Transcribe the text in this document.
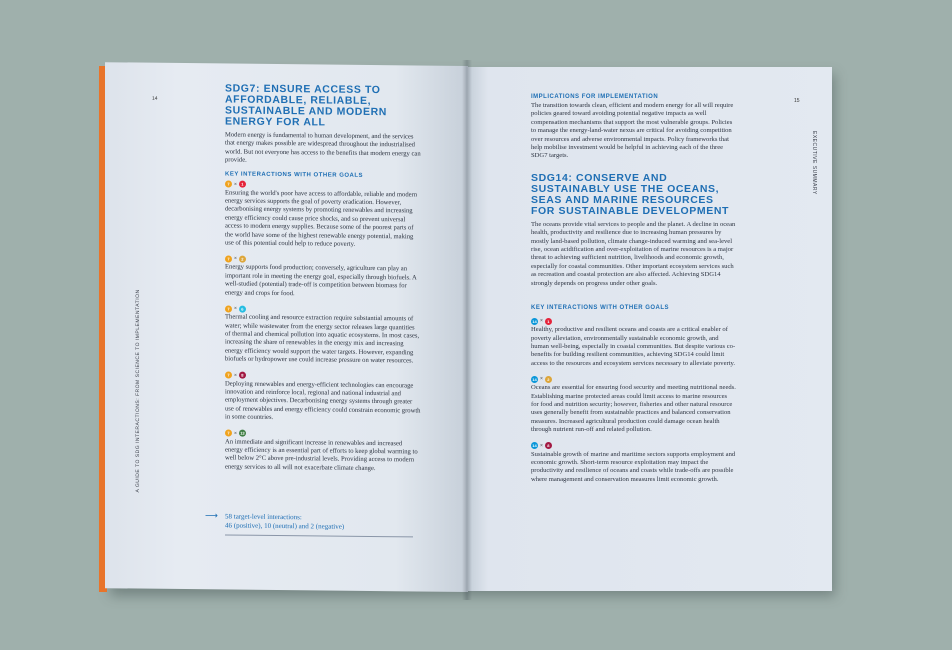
14
A GUIDE TO SDG INTERACTIONS: FROM SCIENCE TO IMPLEMENTATION
SDG7: ENSURE ACCESS TO AFFORDABLE, RELIABLE, SUSTAINABLE AND MODERN ENERGY FOR ALL

Modern energy is fundamental to human development, and the services that energy makes possible are widespread throughout the industrialised world. But not everyone has access to the benefits that modern energy can provide.

KEY INTERACTIONS WITH OTHER GOALS
7 ×	1

Ensuring the world's poor have access to affordable, reliable and modern energy services supports the goal of poverty eradication. However, decarbonising energy systems by promoting renewables and increasing energy efficiency could cause price shocks, and so prevent universal access to modern energy supplies. Because some of the poorest parts of the world have some of the highest renewable energy potential, making use of this potential could help to reduce poverty.

7 ×	2

Energy supports food production; conversely, agriculture can play an important role in meeting the energy goal, especially through biofuels. A well-studied (potential) trade-off is competition between biomass for energy and crops for food.

7 ×	6

Thermal cooling and resource extraction require substantial amounts of water; while wastewater from the energy sector releases large quantities of thermal and chemical pollution into aquatic ecosystems. In most cases, increasing the share of renewables in the energy mix and increasing energy efficiency would support the water targets. However, expanding biofuels or hydropower use could increase pressure on water resources.

7 ×	8

Deploying renewables and energy-efficient technologies can encourage innovation and reinforce local, regional and national industrial and employment objectives. Decarbonising energy systems through greater use of renewables and energy efficiency could constrain economic growth in some countries.

7 × 13

An immediate and significant increase in renewables and increased energy efficiency is an essential part of efforts to keep global warming to well below 2°C above pre-industrial levels. Providing access to modern energy services to all will not exacerbate climate change.

⟶ 58 target-level interactions:

46 (positive), 10 (neutral) and 2 (negative)

15
EXECUTIVE SUMMARY
IMPLICATIONS FOR IMPLEMENTATION

The transition towards clean, efficient and modern energy for all will require policies geared toward avoiding potential negative impacts as well compensation mechanisms that support the most vulnerable groups. Policies to manage the energy-land-water nexus are critical for avoiding competition over resources and adverse environmental impacts. Policy frameworks that help mobilise investment would be helpful in achieving each of the three SDG7 targets.

SDG14: CONSERVE AND SUSTAINABLY USE THE OCEANS, SEAS AND MARINE RESOURCES FOR SUSTAINABLE DEVELOPMENT

The oceans provide vital services to people and the planet. A decline in ocean health, productivity and resilience due to increasing human pressures by mostly land-based pollution, climate change-induced warming and sea-level rise, ocean acidification and over-exploitation of marine resources is a major threat to achieving sufficient nutrition, livelihoods and economic growth, especially for coastal communities. Other important ecosystem services such as recreation and coastal protection are also affected. Achieving SDG14 strongly depends on progress under other goals.

KEY INTERACTIONS WITH OTHER GOALS
14 ×	1

Healthy, productive and resilient oceans and coasts are a critical enabler of poverty alleviation, environmentally sustainable economic growth, and human well-being, especially in coastal communities. But despite various co-benefits for building resilient communities, achieving SDG14 could limit access to the resources and ecosystem services necessary to alleviate poverty.

14 ×	2

Oceans are essential for ensuring food security and meeting nutritional needs. Establishing marine protected areas could limit access to marine resources for food and nutrition security; however, fisheries and other natural resource uses generally benefit from sustainable practices and balanced conservation measures. Increased agricultural production could damage ocean health through nutrient run-off and related pollution.

14 ×	8

Sustainable growth of marine and maritime sectors supports employment and economic growth. Short-term resource exploitation may impact the productivity and resilience of oceans and coasts while trade-offs are possible where management and conservation measures limit economic growth.
